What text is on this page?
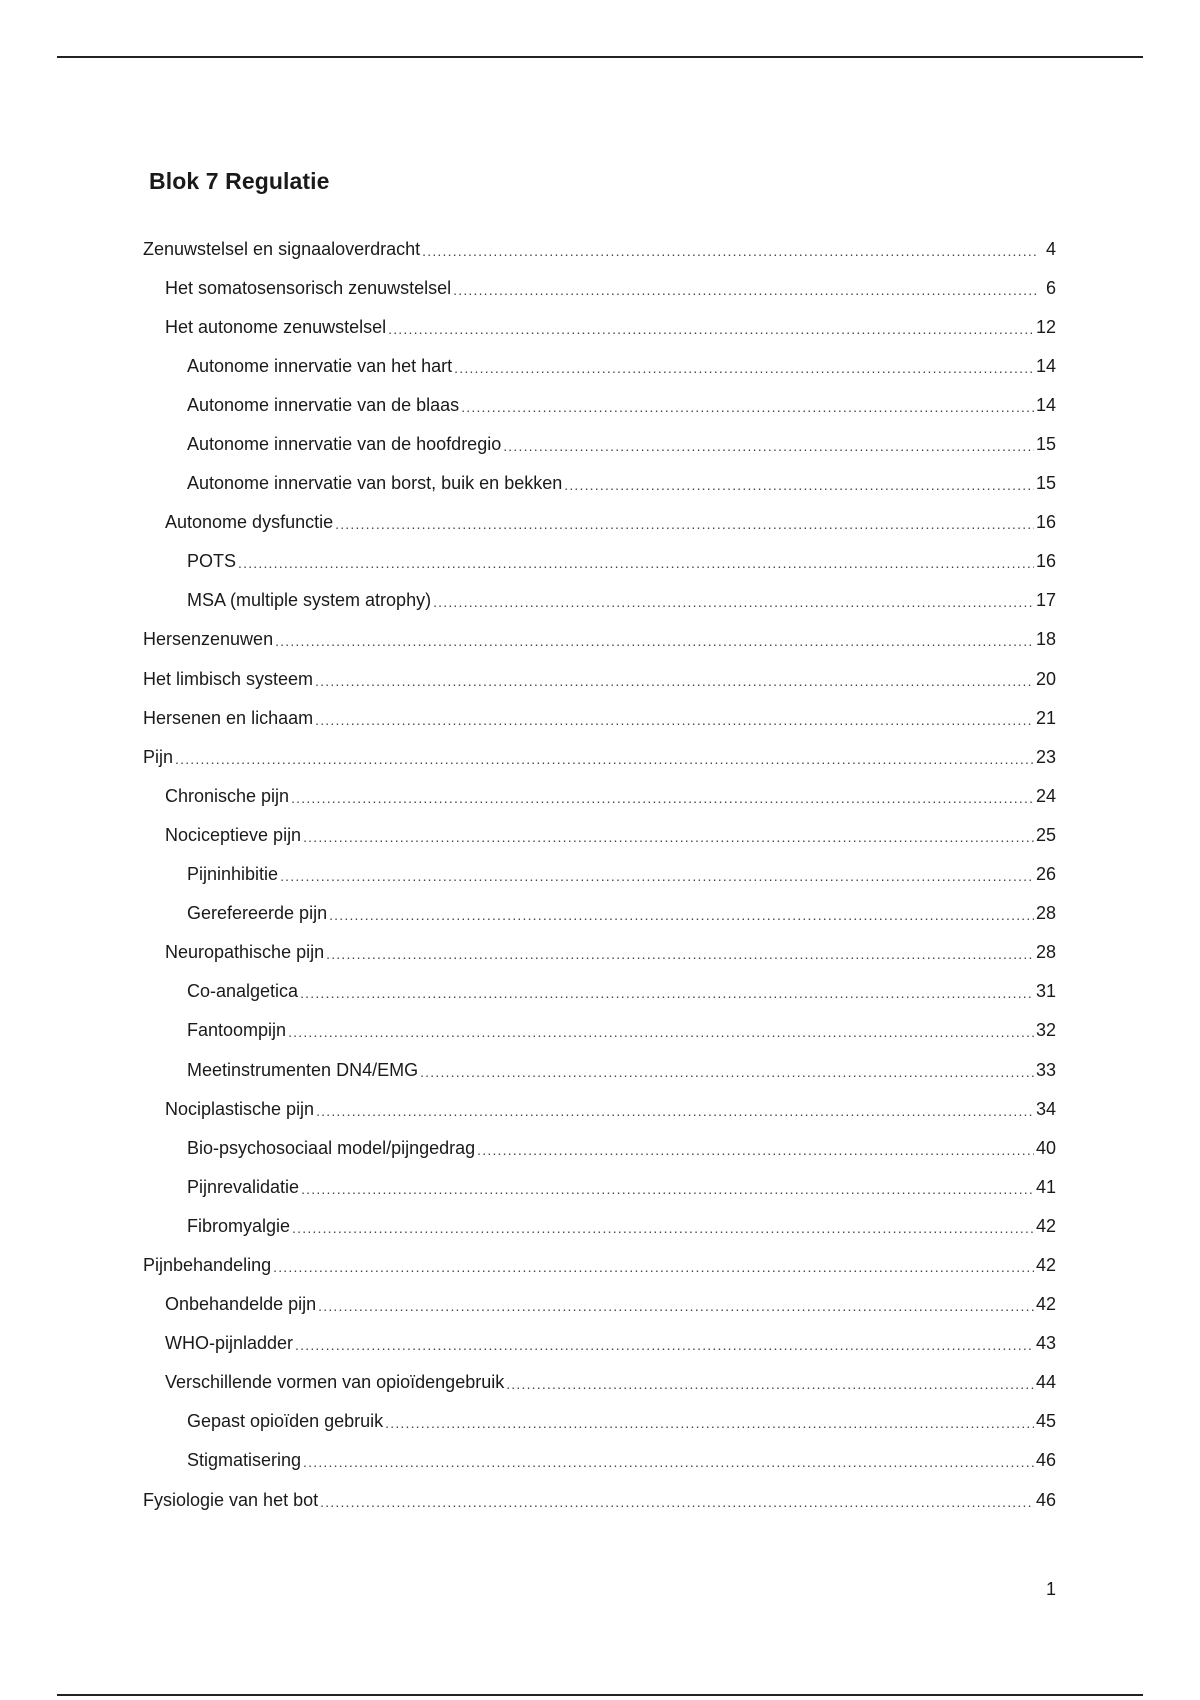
Blok 7 Regulatie
Zenuwstelsel en signaaloverdracht .....	4
Het somatosensorisch zenuwstelsel .....	6
Het autonome zenuwstelsel .....	12
Autonome innervatie van het hart .....	14
Autonome innervatie van de blaas .....	14
Autonome innervatie van de hoofdregio .....	15
Autonome innervatie van borst, buik en bekken .....	15
Autonome dysfunctie .....	16
POTS .....	16
MSA (multiple system atrophy) .....	17
Hersenzenuwen .....	18
Het limbisch systeem .....	20
Hersenen en lichaam .....	21
Pijn .....	23
Chronische pijn .....	24
Nociceptieve pijn .....	25
Pijninhibitie .....	26
Gerefereerde pijn .....	28
Neuropathische pijn .....	28
Co-analgetica .....	31
Fantoompijn .....	32
Meetinstrumenten DN4/EMG .....	33
Nociplastische pijn .....	34
Bio-psychosociaal model/pijngedrag .....	40
Pijnrevalidatie .....	41
Fibromyalgie .....	42
Pijnbehandeling .....	42
Onbehandelde pijn .....	42
WHO-pijnladder .....	43
Verschillende vormen van opioïdengebruik .....	44
Gepast opioïden gebruik .....	45
Stigmatisering .....	46
Fysiologie van het bot .....	46
1
